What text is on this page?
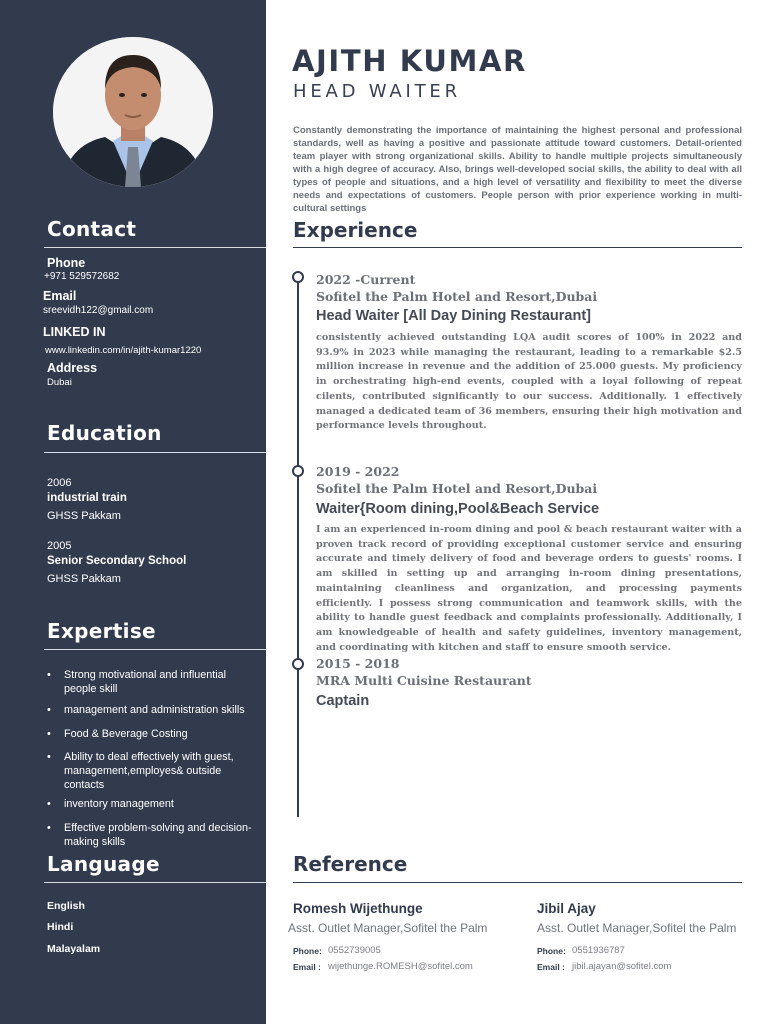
Contact
Phone
+971 529572682
Email
sreevidh122@gmail.com
LINKED IN
www.linkedin.com/in/ajith-kumar1220
Address
Dubai
Education
2006
industrial train
GHSS Pakkam
2005
Senior Secondary School
GHSS Pakkam
Expertise
• Strong motivational and influential people skill
• management and administration skills
• Food & Beverage Costing
• Ability to deal effectively with guest, management,employes& outside contacts
• inventory management
• Effective problem-solving and decision-making skills
Language
English
Hindi
Malayalam
AJITH KUMAR
HEAD WAITER

Constantly demonstrating the importance of maintaining the highest personal and professional standards, well as having a positive and passionate attitude toward customers. Detail-oriented team player with strong organizational skills. Ability to handle multiple projects simultaneously with a high degree of accuracy. Also, brings well-developed social skills, the ability to deal with all types of people and situations, and a high level of versatility and flexibility to meet the diverse needs and expectations of customers. People person with prior experience working in multi-cultural settings

Experience
2022 -Current
Sofitel the Palm Hotel and Resort,Dubai
Head Waiter [All Day Dining Restaurant]

consistently achieved outstanding LQA audit scores of 100% in 2022 and 93.9% in 2023 while managing the restaurant, leading to a remarkable $2.5 million increase in revenue and the addition of 25.000 guests. My proficiency in orchestrating high-end events, coupled with a loyal following of repeat cilents, contributed significantly to our success. Additionally. 1 effectively managed a dedicated team of 36 members, ensuring their high motivation and performance levels throughout.

2019 - 2022
Sofitel the Palm Hotel and Resort,Dubai
Waiter{Room dining,Pool&Beach Service

I am an experienced in-room dining and pool & beach restaurant waiter with a proven track record of providing exceptional customer service and ensuring accurate and timely delivery of food and beverage orders to guests' rooms. I am skilled in setting up and arranging in-room dining presentations, maintaining cleanliness and organization, and processing payments efficiently. I possess strong communication and teamwork skills, with the ability to handle guest feedback and complaints professionally. Additionally, I am knowledgeable of health and safety guidelines, inventory management, and coordinating with kitchen and staff to ensure smooth service.

2015 - 2018
MRA Multi Cuisine Restaurant
Captain
Reference
Romesh Wijethunge
Asst. Outlet Manager,Sofitel the Palm
Phone: 0552739005
Email : wijethunge.ROMESH@sofitel.com
Jibil Ajay
Asst. Outlet Manager,Sofitel the Palm
Phone: 0551936787
Email : jibil.ajayan@sofitel.com
